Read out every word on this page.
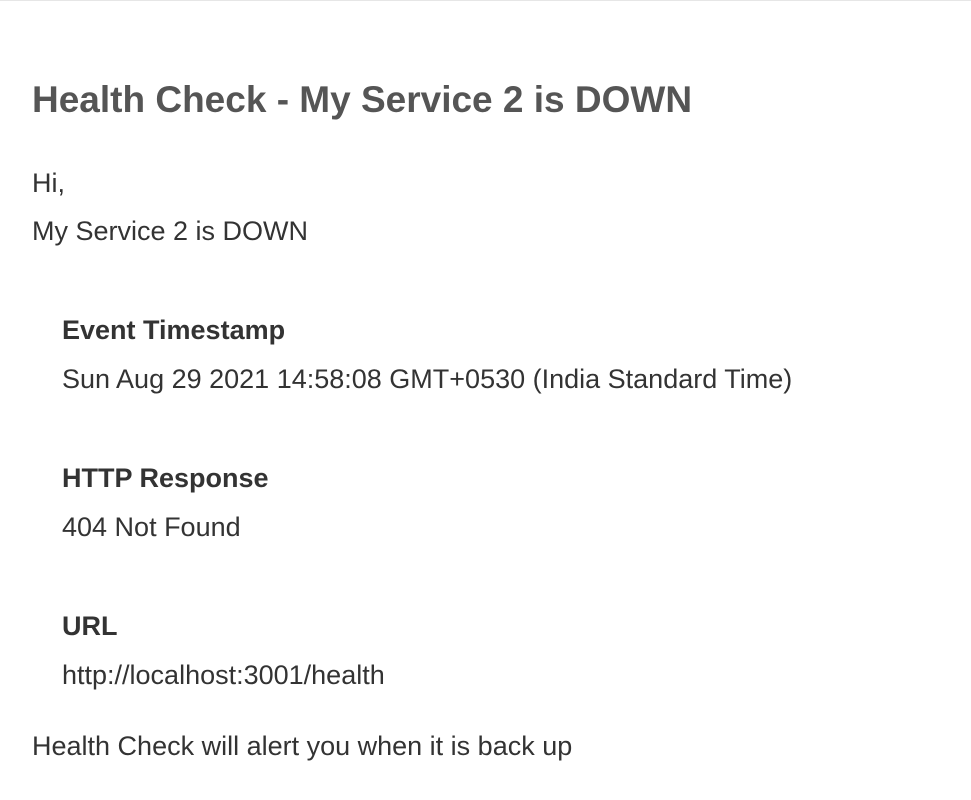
Health Check - My Service 2 is DOWN

Hi,

My Service 2 is DOWN

Event Timestamp
Sun Aug 29 2021 14:58:08 GMT+0530 (India Standard Time)
HTTP Response
404 Not Found
URL
http://localhost:3001/health

Health Check will alert you when it is back up
